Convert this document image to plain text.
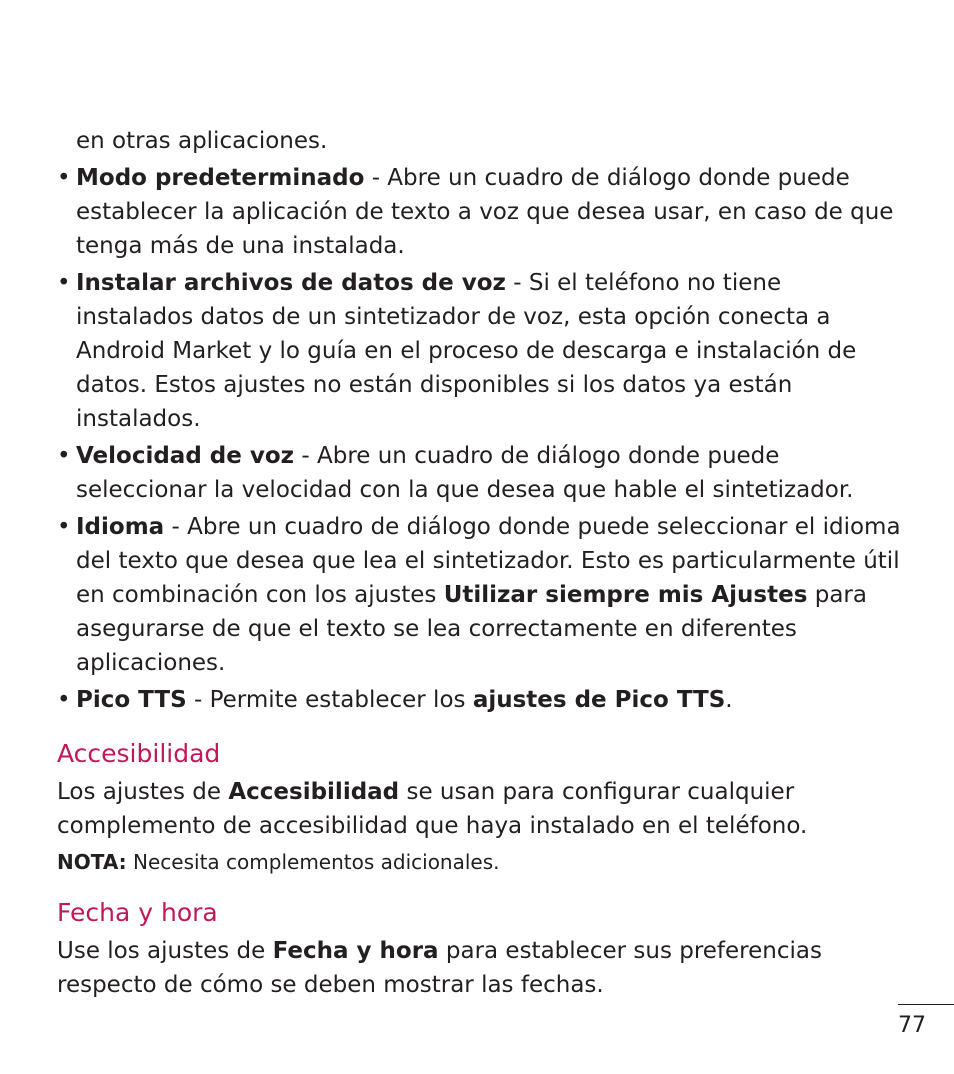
en otras aplicaciones.

• Modo predeterminado - Abre un cuadro de diálogo donde puede establecer la aplicación de texto a voz que desea usar, en caso de que tenga más de una instalada.
• Instalar archivos de datos de voz - Si el teléfono no tiene instalados datos de un sintetizador de voz, esta opción conecta a Android Market y lo guía en el proceso de descarga e instalación de datos. Estos ajustes no están disponibles si los datos ya están instalados.
• Velocidad de voz - Abre un cuadro de diálogo donde puede seleccionar la velocidad con la que desea que hable el sintetizador.
• Idioma - Abre un cuadro de diálogo donde puede seleccionar el idioma del texto que desea que lea el sintetizador. Esto es particularmente útil en combinación con los ajustes Utilizar siempre mis Ajustes para asegurarse de que el texto se lea correctamente en diferentes aplicaciones.
• Pico TTS - Permite establecer los ajustes de Pico TTS.
Accesibilidad

Los ajustes de Accesibilidad se usan para configurar cualquier complemento de accesibilidad que haya instalado en el teléfono.

NOTA: Necesita complementos adicionales.

Fecha y hora

Use los ajustes de Fecha y hora para establecer sus preferencias respecto de cómo se deben mostrar las fechas.

77
